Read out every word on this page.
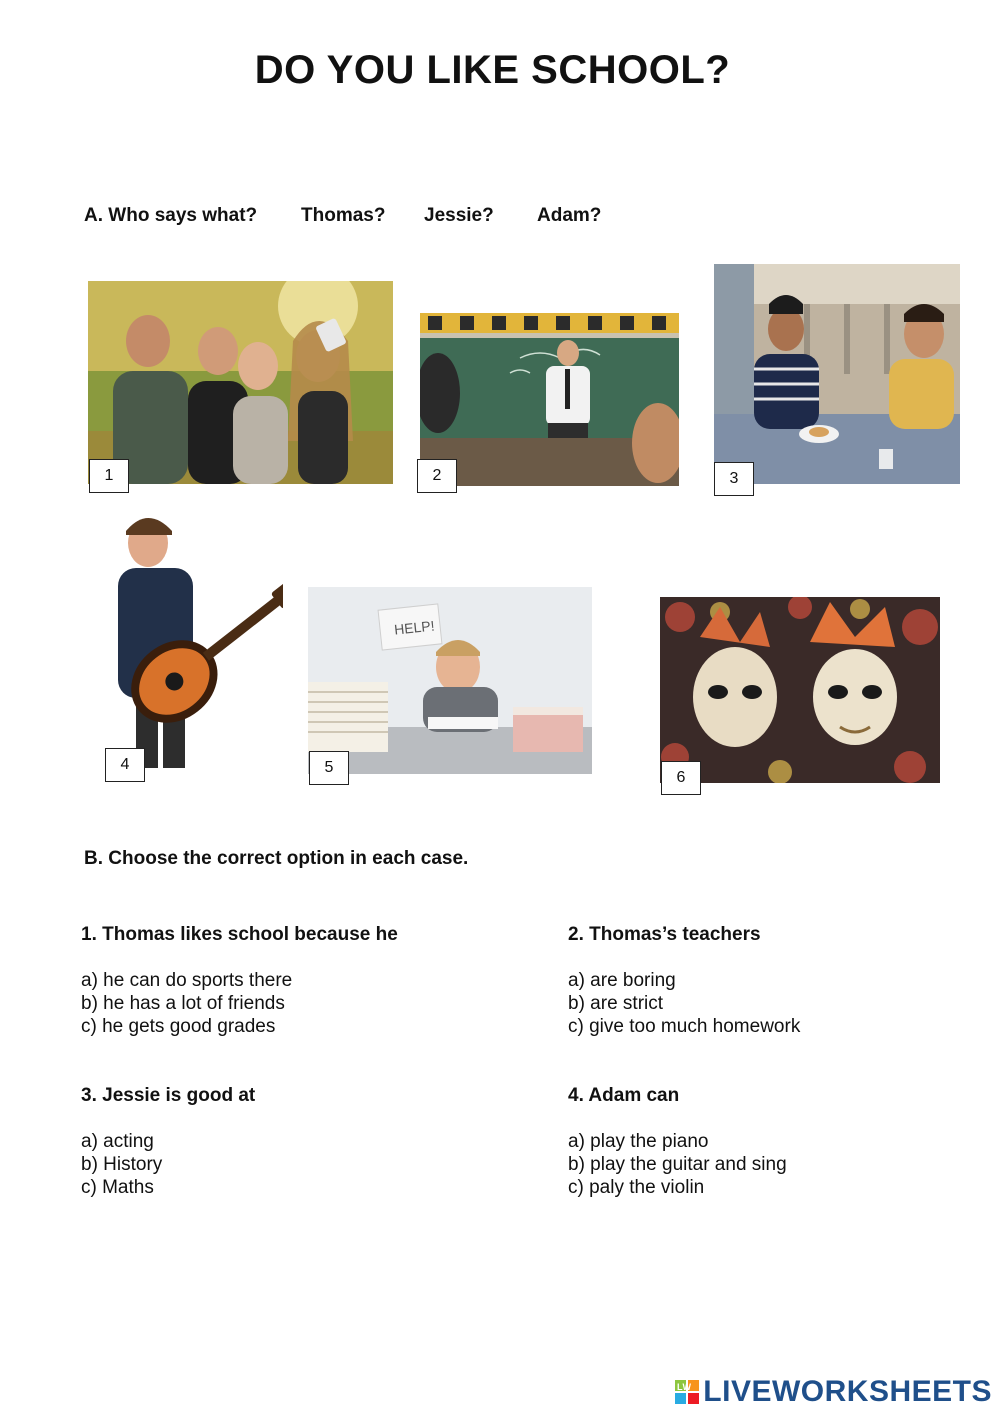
DO YOU LIKE SCHOOL?
A. Who says what? Thomas? Jessie? Adam?
1	2	3
4
HELP!
5
6
B. Choose the correct option in each case.
1. Thomas likes school because he
a) he can do sports there
b) he has a lot of friends
c) he gets good grades
2. Thomas’s teachers
a) are boring
b) are strict
c) give too much homework
3. Jessie is good at
a) acting
b) History
c) Maths
4. Adam can
a) play the piano
b) play the guitar and sing
c) paly the violin
LW LIVEWORKSHEETS
